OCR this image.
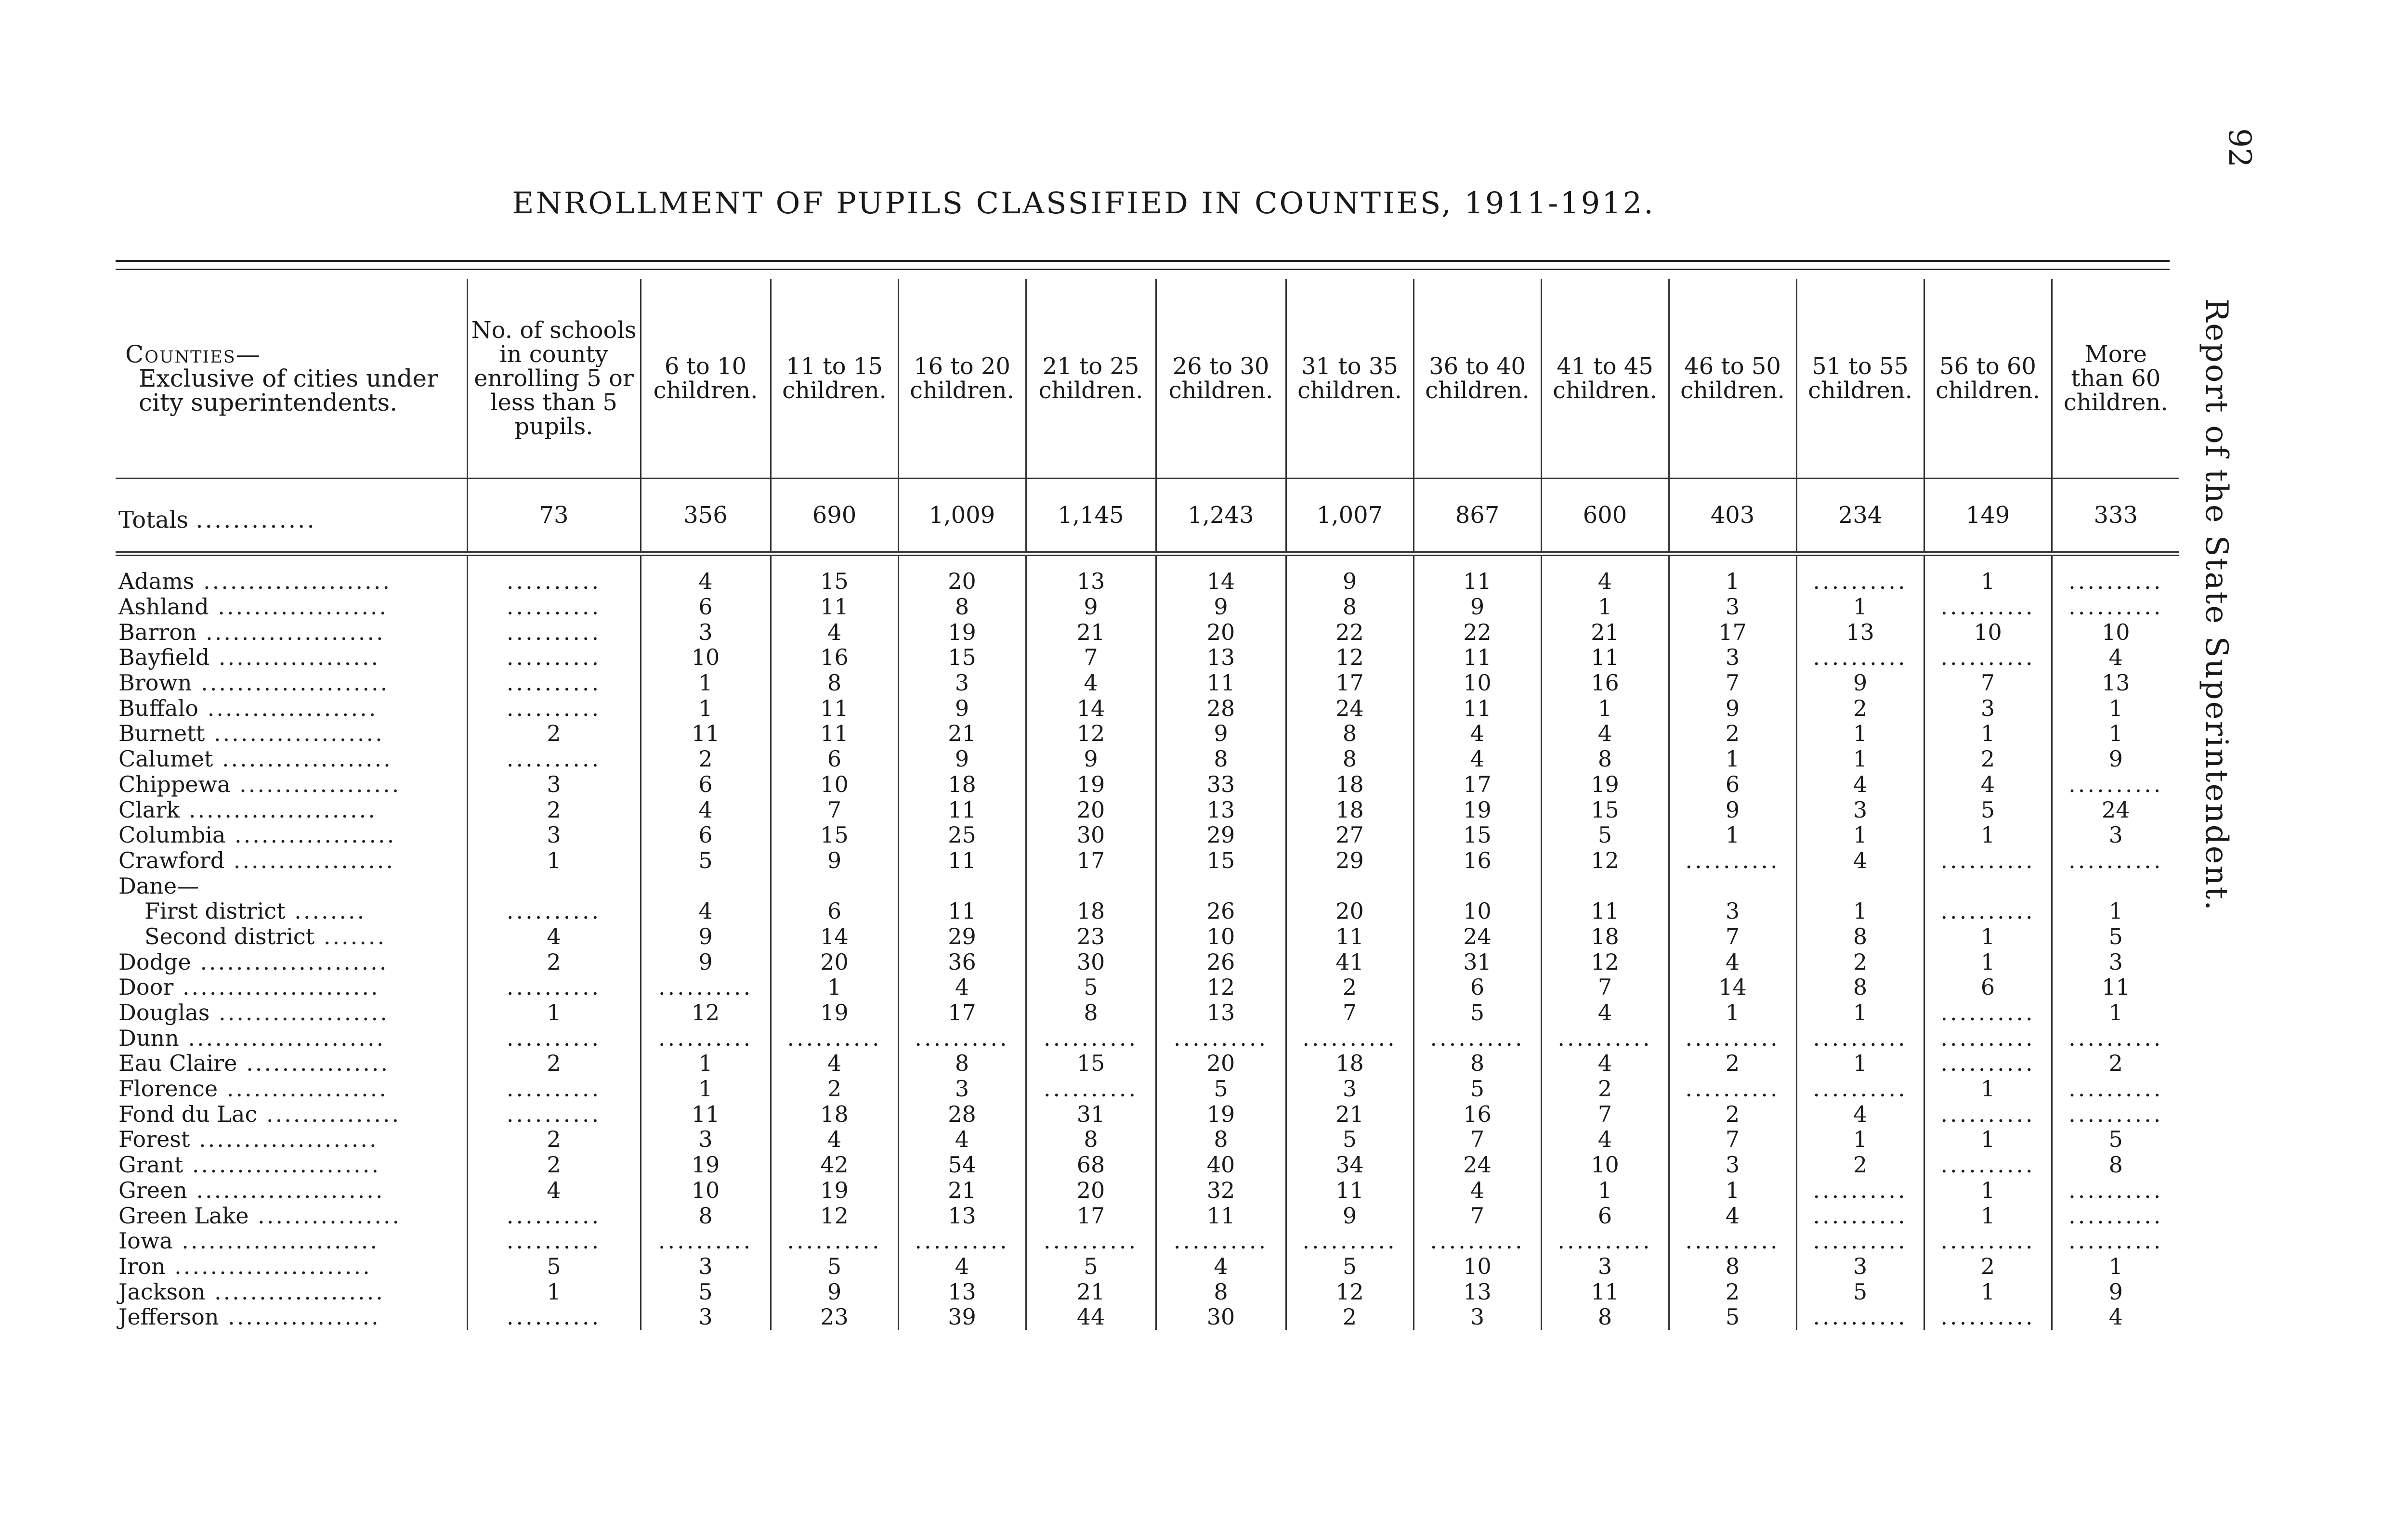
92
ENROLLMENT OF PUPILS CLASSIFIED IN COUNTIES, 1911-1912.
Report of the State Superintendent.
Counties—
Exclusive of cities under city superintendents.	No. of schools in county enrolling 5 or less than 5 pupils.	6 to 10 children.	11 to 15 children.	16 to 20 children.	21 to 25 children.	26 to 30 children.	31 to 35 children.	36 to 40 children.	41 to 45 children.	46 to 50 children.	51 to 55 children.	56 to 60 children.	More than 60 children.
Totals .............	73	356	690	1,009	1,145	1,243	1,007	867	600	403	234	149	333
Adams .....................	..........	4	15	20	13	14	9	11	4	1	..........	1	..........
Ashland ...................	..........	6	11	8	9	9	8	9	1	3	1	..........	..........
Barron ....................	..........	3	4	19	21	20	22	22	21	17	13	10	10
Bayfield ..................	..........	10	16	15	7	13	12	11	11	3	..........	..........	4
Brown .....................	..........	1	8	3	4	11	17	10	16	7	9	7	13
Buffalo ...................	..........	1	11	9	14	28	24	11	1	9	2	3	1
Burnett ...................	2	11	11	21	12	9	8	4	4	2	1	1	1
Calumet ...................	..........	2	6	9	9	8	8	4	8	1	1	2	9
Chippewa ..................	3	6	10	18	19	33	18	17	19	6	4	4	..........
Clark .....................	2	4	7	11	20	13	18	19	15	9	3	5	24
Columbia ..................	3	6	15	25	30	29	27	15	5	1	1	1	3
Crawford ..................	1	5	9	11	17	15	29	16	12	..........	4	..........	..........
Dane—													
First district ........	..........	4	6	11	18	26	20	10	11	3	1	..........	1
Second district .......	4	9	14	29	23	10	11	24	18	7	8	1	5
Dodge .....................	2	9	20	36	30	26	41	31	12	4	2	1	3
Door ......................	..........	..........	1	4	5	12	2	6	7	14	8	6	11
Douglas ...................	1	12	19	17	8	13	7	5	4	1	1	..........	1
Dunn ......................	..........	..........	..........	..........	..........	..........	..........	..........	..........	..........	..........	..........	..........
Eau Claire ................	2	1	4	8	15	20	18	8	4	2	1	..........	2
Florence ..................	..........	1	2	3	..........	5	3	5	2	..........	..........	1	..........
Fond du Lac ...............	..........	11	18	28	31	19	21	16	7	2	4	..........	..........
Forest ....................	2	3	4	4	8	8	5	7	4	7	1	1	5
Grant .....................	2	19	42	54	68	40	34	24	10	3	2	..........	8
Green .....................	4	10	19	21	20	32	11	4	1	1	..........	1	..........
Green Lake ................	..........	8	12	13	17	11	9	7	6	4	..........	1	..........
Iowa ......................	..........	..........	..........	..........	..........	..........	..........	..........	..........	..........	..........	..........	..........
Iron ......................	5	3	5	4	5	4	5	10	3	8	3	2	1
Jackson ...................	1	5	9	13	21	8	12	13	11	2	5	1	9
Jefferson .................	..........	3	23	39	44	30	2	3	8	5	..........	..........	4
